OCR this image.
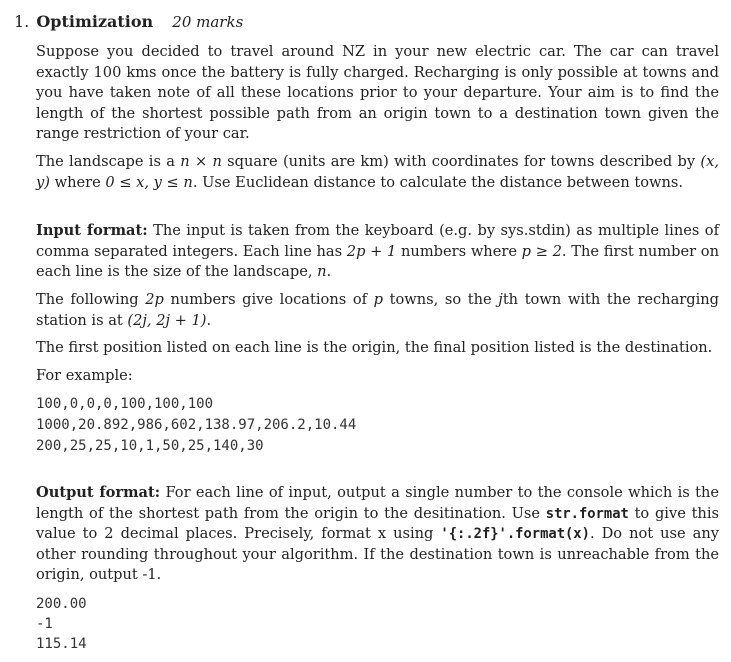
1. Optimization 20 marks

Suppose you decided to travel around NZ in your new electric car. The car can travel exactly 100 kms once the battery is fully charged. Recharging is only possible at towns and you have taken note of all these locations prior to your departure. Your aim is to find the length of the shortest possible path from an origin town to a destination town given the range restriction of your car.

The landscape is a n × n square (units are km) with coordinates for towns described by (x, y) where 0 ≤ x, y ≤ n. Use Euclidean distance to calculate the distance between towns.

Input format: The input is taken from the keyboard (e.g. by sys.stdin) as multiple lines of comma separated integers. Each line has 2p + 1 numbers where p ≥ 2. The first number on each line is the size of the landscape, n.

The following 2p numbers give locations of p towns, so the jth town with the recharging station is at (2j, 2j + 1).

The first position listed on each line is the origin, the final position listed is the destination.

For example:

100,0,0,0,100,100,100
1000,20.892,986,602,138.97,206.2,10.44
200,25,25,10,1,50,25,140,30

Output format: For each line of input, output a single number to the console which is the length of the shortest path from the origin to the desitination. Use str.format to give this value to 2 decimal places. Precisely, format x using '{:.2f}'.format(x). Do not use any other rounding throughout your algorithm. If the destination town is unreachable from the origin, output -1.

200.00
-1
115.14
